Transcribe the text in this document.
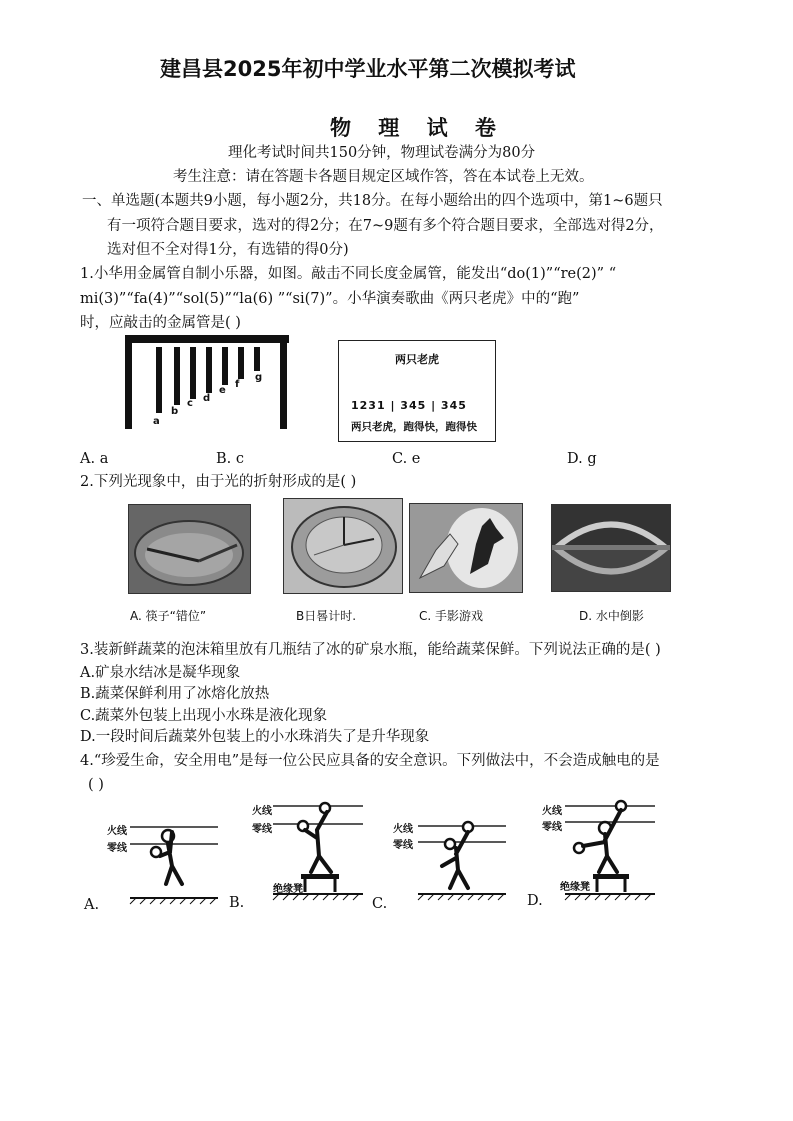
建昌县2025年初中学业水平第二次模拟考试
物 理 试 卷
理化考试时间共150分钟，物理试卷满分为80分
考生注意：请在答题卡各题目规定区域作答，答在本试卷上无效。
一、单选题(本题共9小题，每小题2分，共18分。在每小题给出的四个选项中，第1~6题只
有一项符合题目要求，选对的得2分；在7~9题有多个符合题目要求，全部选对得2分，
选对但不全对得1分，有选错的得0分)
1.小华用金属管自制小乐器，如图。敲击不同长度金属管，能发出“do(1)”“re(2)” “
mi(3)”“fa(4)”“sol(5)”“la(6) ”“si(7)”。小华演奏歌曲《两只老虎》中的“跑”
时，应敲击的金属管是( )
a
b
c d
e
f
g
两只老虎
1231 | 345 | 345
两只老虎，跑得快，跑得快
A. a	B. c	C. e	D. g
2.下列光现象中，由于光的折射形成的是( )
A. 筷子“错位”	B日晷计时.	C. 手影游戏	D. 水中倒影
3.装新鲜蔬菜的泡沫箱里放有几瓶结了冰的矿泉水瓶，能给蔬菜保鲜。下列说法正确的是( )
A.矿泉水结冰是凝华现象
B.蔬菜保鲜利用了冰熔化放热
C.蔬菜外包装上出现小水珠是液化现象
D.一段时间后蔬菜外包装上的小水珠消失了是升华现象
4.“珍爱生命，安全用电”是每一位公民应具备的安全意识。下列做法中，不会造成触电的是
( )
火线
零线
火线
零线
绝缘凳
火线
零线
火线
零线
绝缘凳
A.	B.	C.	D.
